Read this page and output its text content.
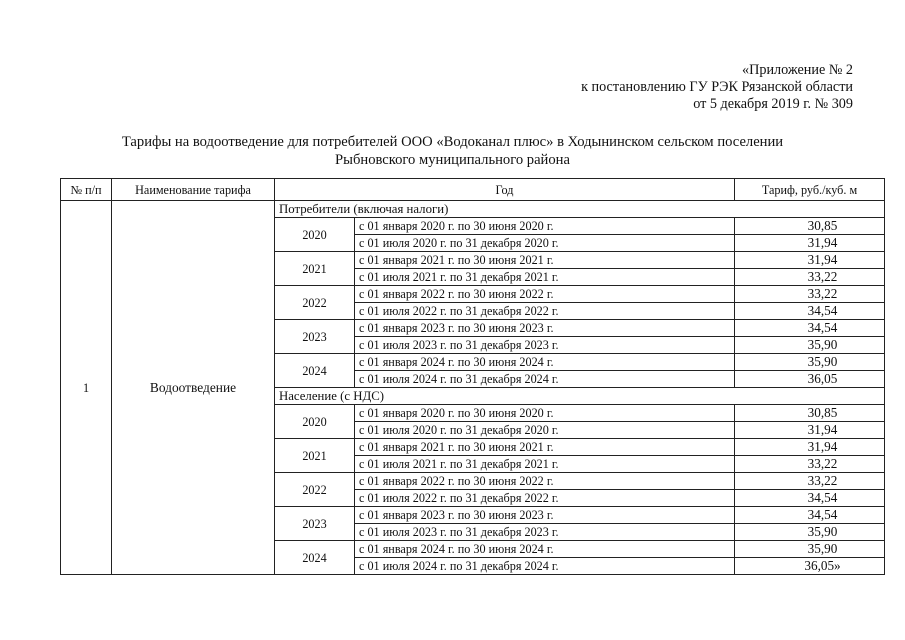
«Приложение № 2
к постановлению ГУ РЭК Рязанской области
от 5 декабря 2019 г. № 309
Тарифы на водоотведение для потребителей ООО «Водоканал плюс» в Ходынинском сельском поселении
Рыбновского муниципального района
№ п/п	Наименование тарифа	Год		Тариф, руб./куб. м
1	Водоотведение	Потребители (включая налоги)		
		2020	с 01 января 2020 г. по 30 июня 2020 г.	30,85
			с 01 июля 2020 г. по 31 декабря 2020 г.	31,94
		2021	с 01 января 2021 г. по 30 июня 2021 г.	31,94
			с 01 июля 2021 г. по 31 декабря 2021 г.	33,22
		2022	с 01 января 2022 г. по 30 июня 2022 г.	33,22
			с 01 июля 2022 г. по 31 декабря 2022 г.	34,54
		2023	с 01 января 2023 г. по 30 июня 2023 г.	34,54
			с 01 июля 2023 г. по 31 декабря 2023 г.	35,90
		2024	с 01 января 2024 г. по 30 июня 2024 г.	35,90
			с 01 июля 2024 г. по 31 декабря 2024 г.	36,05
		Население (с НДС)		
		2020	с 01 января 2020 г. по 30 июня 2020 г.	30,85
			с 01 июля 2020 г. по 31 декабря 2020 г.	31,94
		2021	с 01 января 2021 г. по 30 июня 2021 г.	31,94
			с 01 июля 2021 г. по 31 декабря 2021 г.	33,22
		2022	с 01 января 2022 г. по 30 июня 2022 г.	33,22
			с 01 июля 2022 г. по 31 декабря 2022 г.	34,54
		2023	с 01 января 2023 г. по 30 июня 2023 г.	34,54
			с 01 июля 2023 г. по 31 декабря 2023 г.	35,90
		2024	с 01 января 2024 г. по 30 июня 2024 г.	35,90
			с 01 июля 2024 г. по 31 декабря 2024 г.	36,05»
